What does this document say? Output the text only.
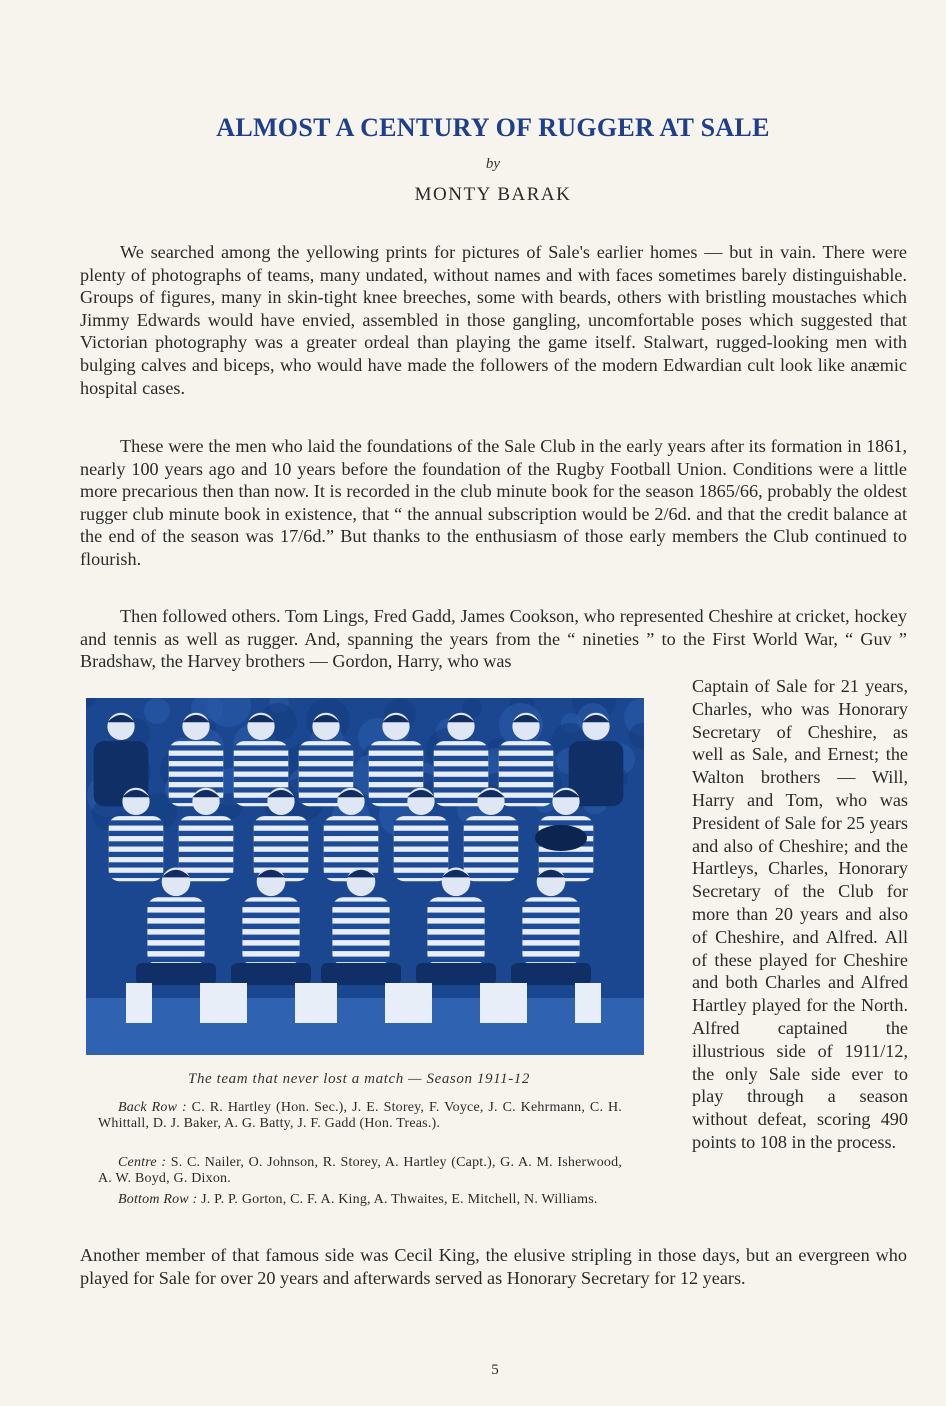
ALMOST A CENTURY OF RUGGER AT SALE
by
MONTY BARAK

We searched among the yellowing prints for pictures of Sale's earlier homes — but in vain. There were plenty of photographs of teams, many undated, without names and with faces sometimes barely distinguishable. Groups of figures, many in skin-tight knee breeches, some with beards, others with bristling moustaches which Jimmy Edwards would have envied, assembled in those gangling, uncomfortable poses which suggested that Victorian photography was a greater ordeal than playing the game itself. Stalwart, rugged-looking men with bulging calves and biceps, who would have made the followers of the modern Edwardian cult look like anæmic hospital cases.

These were the men who laid the foundations of the Sale Club in the early years after its formation in 1861, nearly 100 years ago and 10 years before the foundation of the Rugby Football Union. Conditions were a little more precarious then than now. It is recorded in the club minute book for the season 1865/66, probably the oldest rugger club minute book in existence, that “ the annual subscription would be 2/6d. and that the credit balance at the end of the season was 17/6d.” But thanks to the enthusiasm of those early members the Club continued to flourish.

Then followed others. Tom Lings, Fred Gadd, James Cookson, who represented Cheshire at cricket, hockey and tennis as well as rugger. And, spanning the years from the “ nineties ” to the First World War, “ Guv ” Bradshaw, the Harvey brothers — Gordon, Harry, who was

The team that never lost a match — Season 1911-12

Back Row : C. R. Hartley (Hon. Sec.), J. E. Storey, F. Voyce, J. C. Kehrmann, C. H. Whittall, D. J. Baker, A. G. Batty, J. F. Gadd (Hon. Treas.).

Centre : S. C. Nailer, O. Johnson, R. Storey, A. Hartley (Capt.), G. A. M. Isherwood, A. W. Boyd, G. Dixon.

Bottom Row : J. P. P. Gorton, C. F. A. King, A. Thwaites, E. Mitchell, N. Williams.

Captain of Sale for 21 years, Charles, who was Honorary Secretary of Cheshire, as well as Sale, and Ernest; the Walton brothers — Will, Harry and Tom, who was President of Sale for 25 years and also of Cheshire; and the Hartleys, Charles, Honorary Secretary of the Club for more than 20 years and also of Cheshire, and Alfred. All of these played for Cheshire and both Charles and Alfred Hartley played for the North. Alfred captained the illustrious side of 1911/12, the only Sale side ever to play through a season without defeat, scoring 490 points to 108 in the process.

Another member of that famous side was Cecil King, the elusive stripling in those days, but an evergreen who played for Sale for over 20 years and afterwards served as Honorary Secretary for 12 years.

5
